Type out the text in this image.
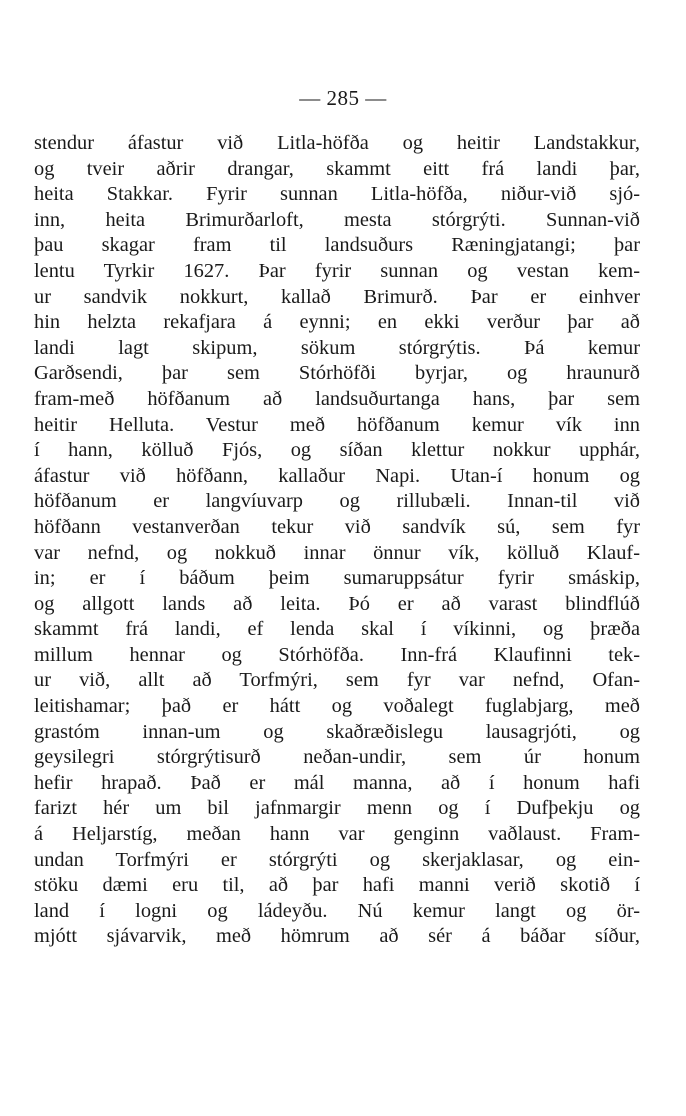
— 285 —
stendur áfastur við Litla-höfða og heitir Landstakkur,
og tveir aðrir drangar, skammt eitt frá landi þar,
heita Stakkar. Fyrir sunnan Litla-höfða, niður-við sjó-
inn, heita Brimurðarloft, mesta stórgrýti. Sunnan-við
þau skagar fram til landsuðurs Ræningjatangi; þar
lentu Tyrkir 1627. Þar fyrir sunnan og vestan kem-
ur sandvik nokkurt, kallað Brimurð. Þar er einhver
hin helzta rekafjara á eynni; en ekki verður þar að
landi lagt skipum, sökum stórgrýtis. Þá kemur
Garðsendi, þar sem Stórhöfði byrjar, og hraunurð
fram-með höfðanum að landsuðurtanga hans, þar sem
heitir Helluta. Vestur með höfðanum kemur vík inn
í hann, kölluð Fjós, og síðan klettur nokkur upphár,
áfastur við höfðann, kallaður Napi. Utan-í honum og
höfðanum er langvíuvarp og rillubæli. Innan-til við
höfðann vestanverðan tekur við sandvík sú, sem fyr
var nefnd, og nokkuð innar önnur vík, kölluð Klauf-
in; er í báðum þeim sumaruppsátur fyrir smáskip,
og allgott lands að leita. Þó er að varast blindflúð
skammt frá landi, ef lenda skal í víkinni, og þræða
millum hennar og Stórhöfða. Inn-frá Klaufinni tek-
ur við, allt að Torfmýri, sem fyr var nefnd, Ofan-
leitishamar; það er hátt og voðalegt fuglabjarg, með
grastóm innan-um og skaðræðislegu lausagrjóti, og
geysilegri stórgrýtisurð neðan-undir, sem úr honum
hefir hrapað. Það er mál manna, að í honum hafi
farizt hér um bil jafnmargir menn og í Dufþekju og
á Heljarstíg, meðan hann var genginn vaðlaust. Fram-
undan Torfmýri er stórgrýti og skerjaklasar, og ein-
stöku dæmi eru til, að þar hafi manni verið skotið í
land í logni og ládeyðu. Nú kemur langt og ör-
mjótt sjávarvik, með hömrum að sér á báðar síður,
